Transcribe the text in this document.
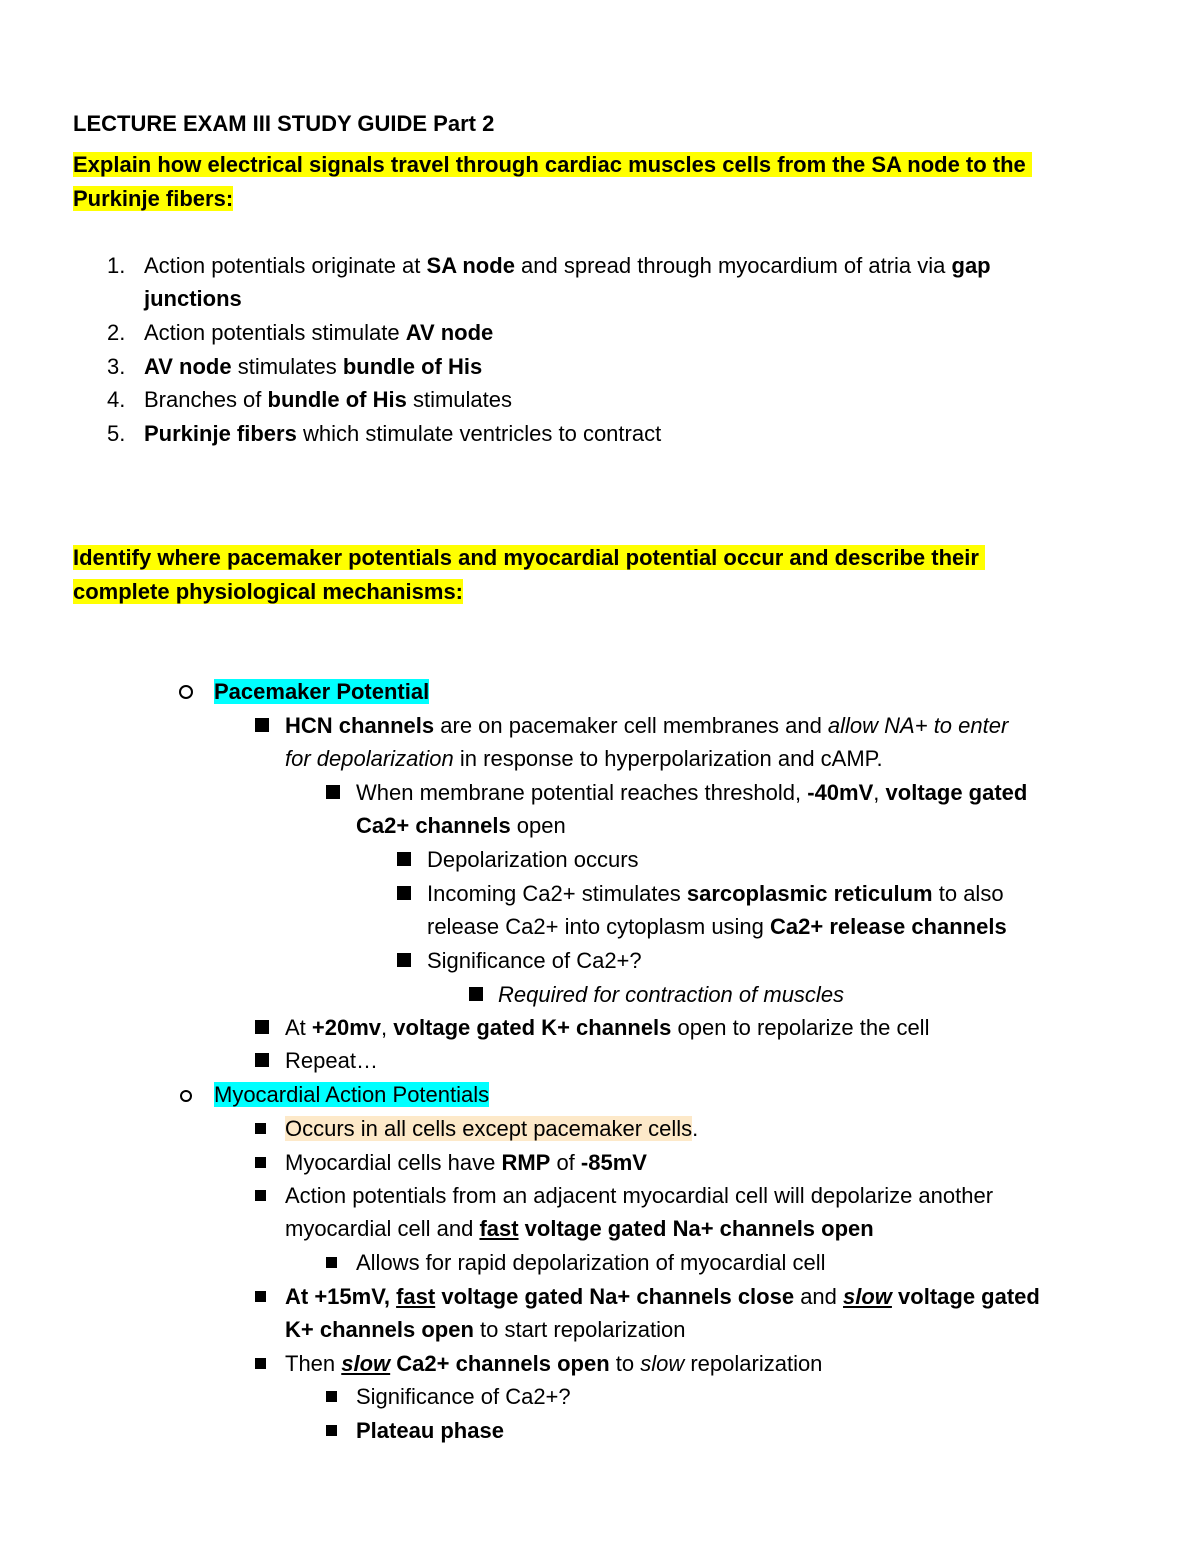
LECTURE EXAM III STUDY GUIDE Part 2
Explain how electrical signals travel through cardiac muscles cells from the SA node to the
Purkinje fibers:
1. Action potentials originate at SA node and spread through myocardium of atria via gap
junctions
2. Action potentials stimulate AV node
3. AV node stimulates bundle of His
4. Branches of bundle of His stimulates
5. Purkinje fibers which stimulate ventricles to contract
Identify where pacemaker potentials and myocardial potential occur and describe their
complete physiological mechanisms:
Pacemaker Potential
HCN channels are on pacemaker cell membranes and allow NA+ to enter
for depolarization in response to hyperpolarization and cAMP.
When membrane potential reaches threshold, -40mV, voltage gated
Ca2+ channels open
Depolarization occurs
Incoming Ca2+ stimulates sarcoplasmic reticulum to also
release Ca2+ into cytoplasm using Ca2+ release channels
Significance of Ca2+?
Required for contraction of muscles
At +20mv, voltage gated K+ channels open to repolarize the cell
Repeat…
Myocardial Action Potentials
Occurs in all cells except pacemaker cells.
Myocardial cells have RMP of -85mV
Action potentials from an adjacent myocardial cell will depolarize another
myocardial cell and fast voltage gated Na+ channels open
Allows for rapid depolarization of myocardial cell
At +15mV, fast voltage gated Na+ channels close and slow voltage gated
K+ channels open to start repolarization
Then slow Ca2+ channels open to slow repolarization
Significance of Ca2+?
Plateau phase
